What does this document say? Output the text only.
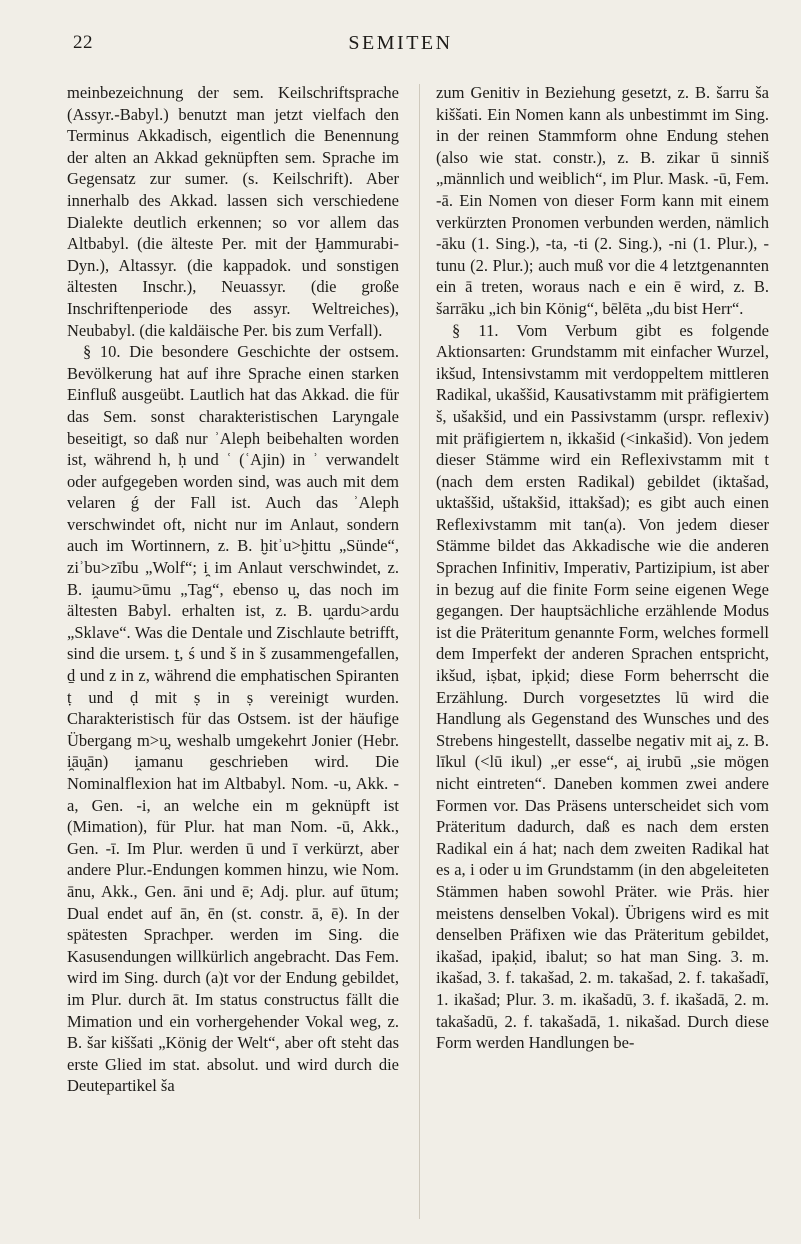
22	SEMITEN

meinbezeichnung der sem. Keilschriftsprache (Assyr.-Babyl.) benutzt man jetzt vielfach den Terminus Akkadisch, eigentlich die Benennung der alten an Akkad geknüpften sem. Sprache im Gegensatz zur sumer. (s. Keilschrift). Aber innerhalb des Akkad. lassen sich verschiedene Dialekte deutlich erkennen; so vor allem das Altbabyl. (die älteste Per. mit der Ḫammurabi-Dyn.), Altassyr. (die kappadok. und sonstigen ältesten Inschr.), Neuassyr. (die große Inschriftenperiode des assyr. Weltreiches), Neubabyl. (die kaldäische Per. bis zum Verfall).

§ 10. Die besondere Geschichte der ostsem. Bevölkerung hat auf ihre Sprache einen starken Einfluß ausgeübt. Lautlich hat das Akkad. die für das Sem. sonst charakteristischen Laryngale beseitigt, so daß nur ʾAleph beibehalten worden ist, während h, ḥ und ʿ (ʿAjin) in ʾ verwandelt oder aufgegeben worden sind, was auch mit dem velaren ǵ der Fall ist. Auch das ʾAleph verschwindet oft, nicht nur im Anlaut, sondern auch im Wortinnern, z. B. ḫitʾu>ḫittu „Sünde“, ziʾbu>zību „Wolf“; i̯ im Anlaut verschwindet, z. B. i̯aumu>ūmu „Tag“, ebenso u̯, das noch im ältesten Babyl. erhalten ist, z. B. u̯ardu>ardu „Sklave“. Was die Dentale und Zischlaute betrifft, sind die ursem. ṯ, ś und š in š zusammengefallen, ḏ und z in z, während die emphatischen Spiranten ṭ und ḍ mit ṣ in ṣ vereinigt wurden. Charakteristisch für das Ostsem. ist der häufige Übergang m>u̯, weshalb umgekehrt Jonier (Hebr. i̯āu̯ān) i̯amanu geschrieben wird. Die Nominalflexion hat im Altbabyl. Nom. -u, Akk. -a, Gen. -i, an welche ein m geknüpft ist (Mimation), für Plur. hat man Nom. -ū, Akk., Gen. -ī. Im Plur. werden ū und ī verkürzt, aber andere Plur.-Endungen kommen hinzu, wie Nom. ānu, Akk., Gen. āni und ē; Adj. plur. auf ūtum; Dual endet auf ān, ēn (st. constr. ā, ē). In der spätesten Sprachper. werden im Sing. die Kasusendungen willkürlich angebracht. Das Fem. wird im Sing. durch (a)t vor der Endung gebildet, im Plur. durch āt. Im status constructus fällt die Mimation und ein vorhergehender Vokal weg, z. B. šar kiššati „König der Welt“, aber oft steht das erste Glied im stat. absolut. und wird durch die Deutepartikel ša

zum Genitiv in Beziehung gesetzt, z. B. šarru ša kiššati. Ein Nomen kann als unbestimmt im Sing. in der reinen Stammform ohne Endung stehen (also wie stat. constr.), z. B. zikar ū sinniš „männlich und weiblich“, im Plur. Mask. -ū, Fem. -ā. Ein Nomen von dieser Form kann mit einem verkürzten Pronomen verbunden werden, nämlich -āku (1. Sing.), -ta, -ti (2. Sing.), -ni (1. Plur.), -tunu (2. Plur.); auch muß vor die 4 letztgenannten ein ā treten, woraus nach e ein ē wird, z. B. šarrāku „ich bin König“, bēlēta „du bist Herr“.

§ 11. Vom Verbum gibt es folgende Aktionsarten: Grundstamm mit einfacher Wurzel, ikšud, Intensivstamm mit verdoppeltem mittleren Radikal, ukaššid, Kausativstamm mit präfigiertem š, ušakšid, und ein Passivstamm (urspr. reflexiv) mit präfigiertem n, ikkašid (<inkašid). Von jedem dieser Stämme wird ein Reflexivstamm mit t (nach dem ersten Radikal) gebildet (iktašad, uktaššid, uštakšid, ittakšad); es gibt auch einen Reflexivstamm mit tan(a). Von jedem dieser Stämme bildet das Akkadische wie die anderen Sprachen Infinitiv, Imperativ, Partizipium, ist aber in bezug auf die finite Form seine eigenen Wege gegangen. Der hauptsächliche erzählende Modus ist die Präteritum genannte Form, welches formell dem Imperfekt der anderen Sprachen entspricht, ikšud, iṣbat, ipḳid; diese Form beherrscht die Erzählung. Durch vorgesetztes lū wird die Handlung als Gegenstand des Wunsches und des Strebens hingestellt, dasselbe negativ mit ai̯, z. B. līkul (<lū ikul) „er esse“, ai̯ irubū „sie mögen nicht eintreten“. Daneben kommen zwei andere Formen vor. Das Präsens unterscheidet sich vom Präteritum dadurch, daß es nach dem ersten Radikal ein á hat; nach dem zweiten Radikal hat es a, i oder u im Grundstamm (in den abgeleiteten Stämmen haben sowohl Präter. wie Präs. hier meistens denselben Vokal). Übrigens wird es mit denselben Präfixen wie das Präteritum gebildet, ikašad, ipaḳid, ibalut; so hat man Sing. 3. m. ikašad, 3. f. takašad, 2. m. takašad, 2. f. takašadī, 1. ikašad; Plur. 3. m. ikašadū, 3. f. ikašadā, 2. m. takašadū, 2. f. takašadā, 1. nikašad. Durch diese Form werden Handlungen be-
